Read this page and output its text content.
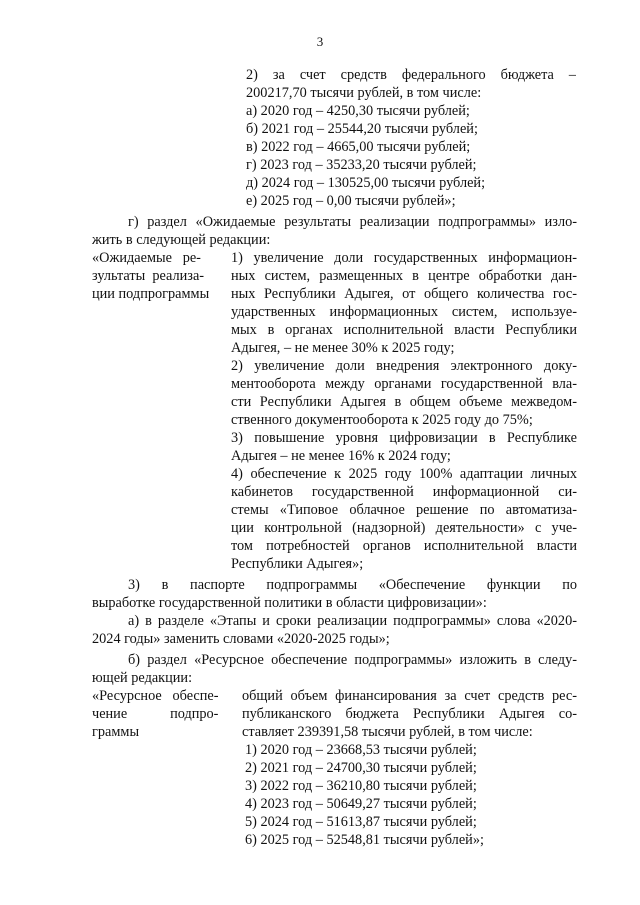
3
2) за счет средств федерального бюджета –
200217,70 тысячи рублей, в том числе:
а) 2020 год – 4250,30 тысячи рублей;
б) 2021 год – 25544,20 тысячи рублей;
в) 2022 год – 4665,00 тысячи рублей;
г) 2023 год – 35233,20 тысячи рублей;
д) 2024 год – 130525,00 тысячи рублей;
е) 2025 год – 0,00 тысячи рублей»;
г) раздел «Ожидаемые результаты реализации подпрограммы» изло-
жить в следующей редакции:
«Ожидаемые   ре-
зультаты  реализа-
ции подпрограммы
1) увеличение доли государственных информацион-
ных систем, размещенных в центре обработки дан-
ных Республики Адыгея, от общего количества гос-
ударственных информационных систем, используе-
мых в органах исполнительной власти Республики
Адыгея, – не менее 30% к 2025 году;
2) увеличение доли внедрения электронного доку-
ментооборота между органами государственной вла-
сти Республики Адыгея в общем объеме межведом-
ственного документооборота к 2025 году до 75%;
3) повышение уровня цифровизации в Республике
Адыгея – не менее 16% к 2024 году;
4) обеспечение к 2025 году 100% адаптации личных
кабинетов государственной информационной си-
стемы «Типовое облачное решение по автоматиза-
ции контрольной (надзорной) деятельности» с уче-
том потребностей органов исполнительной власти
Республики Адыгея»;
3) в паспорте подпрограммы «Обеспечение функции по
выработке государственной политики в области цифровизации»:
а) в разделе «Этапы и сроки реализации подпрограммы» слова «2020-
2024 годы» заменить словами «2020-2025 годы»;
б) раздел «Ресурсное обеспечение подпрограммы» изложить в следу-
ющей редакции:
«Ресурсное   обеспе-
чение            подпро-
граммы
общий объем финансирования за счет средств рес-
публиканского бюджета Республики Адыгея со-
ставляет 239391,58 тысячи рублей, в том числе:
1) 2020 год – 23668,53 тысячи рублей;
2) 2021 год – 24700,30 тысячи рублей;
3) 2022 год – 36210,80 тысячи рублей;
4) 2023 год – 50649,27 тысячи рублей;
5) 2024 год – 51613,87 тысячи рублей;
6) 2025 год – 52548,81 тысячи рублей»;
